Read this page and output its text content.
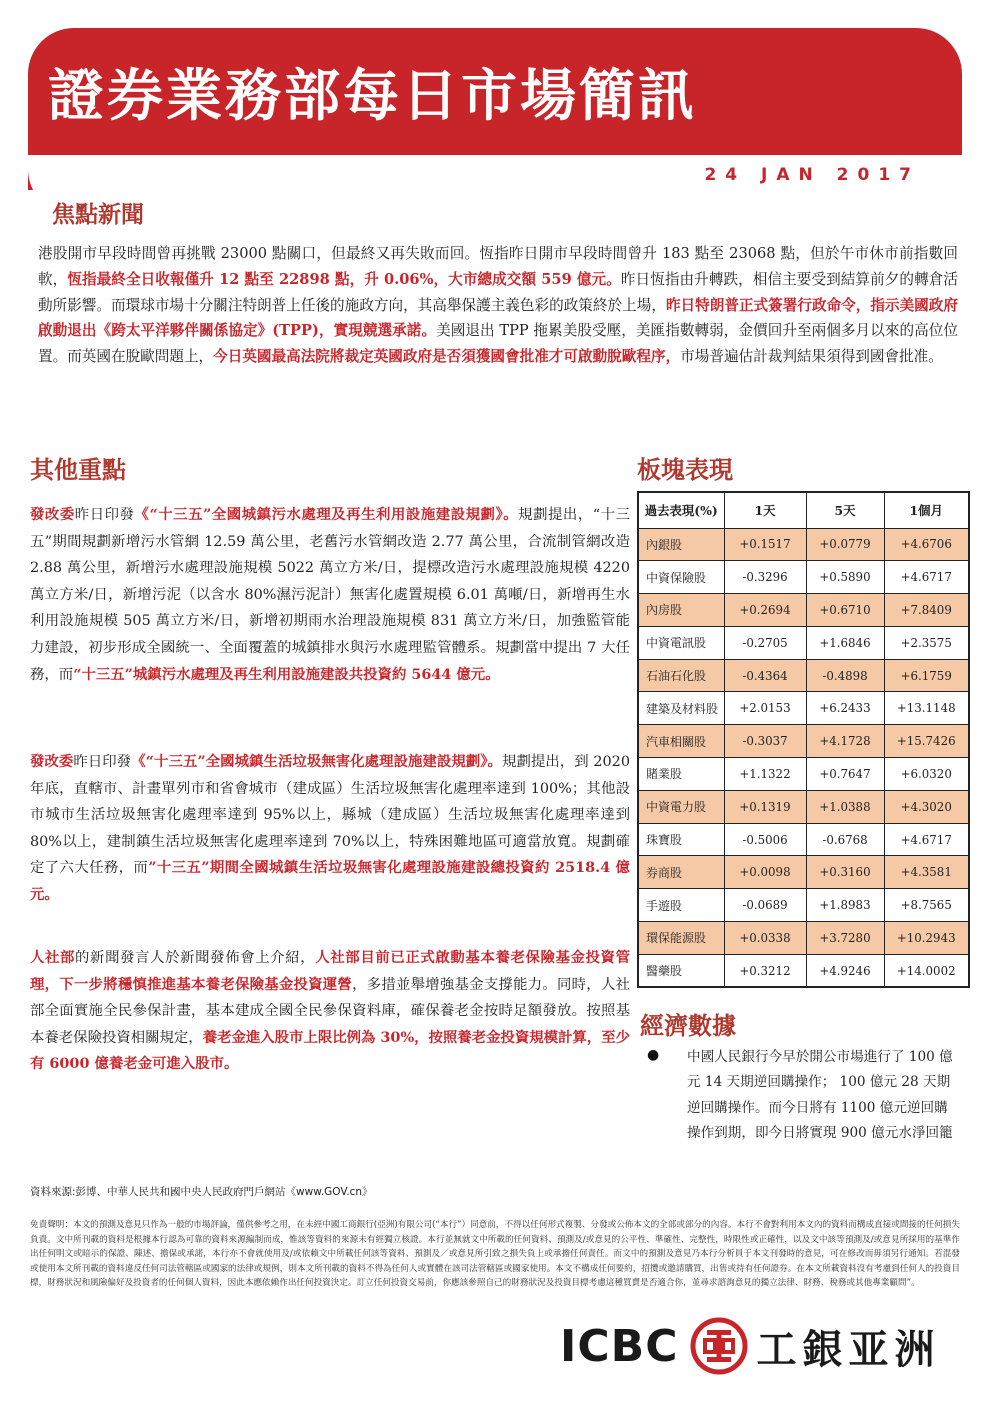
證券業務部每日市場簡訊
24 JAN 2017
焦點新聞
港股開市早段時間曾再挑戰 23000 點關口，但最終又再失敗而回。恆指昨日開市早段時間曾升 183 點至 23068 點，但於午市休市前指數回軟，恆指最終全日收報僅升 12 點至 22898 點，升 0.06%，大市總成交額 559 億元。昨日恆指由升轉跌，相信主要受到結算前夕的轉倉活動所影響。而環球市場十分關注特朗普上任後的施政方向，其高舉保護主義色彩的政策終於上場，昨日特朗普正式簽署行政命令，指示美國政府啟動退出《跨太平洋夥伴關係協定》(TPP)，實現競選承諾。美國退出 TPP 拖累美股受壓，美匯指數轉弱，金價回升至兩個多月以來的高位位置。而英國在脫歐問題上，今日英國最高法院將裁定英國政府是否須獲國會批准才可啟動脫歐程序，市場普遍估計裁判結果須得到國會批准。
其他重點
發改委昨日印發《“十三五”全國城鎮污水處理及再生利用設施建設規劃》。規劃提出，“十三五”期間規劃新增污水管網 12.59 萬公里，老舊污水管網改造 2.77 萬公里，合流制管網改造 2.88 萬公里，新增污水處理設施規模 5022 萬立方米/日，提標改造污水處理設施規模 4220 萬立方米/日，新增污泥（以含水 80%濕污泥計）無害化處置規模 6.01 萬噸/日，新增再生水利用設施規模 505 萬立方米/日，新增初期雨水治理設施規模 831 萬立方米/日，加強監管能力建設，初步形成全國統一、全面覆蓋的城鎮排水與污水處理監管體系。規劃當中提出 7 大任務，而“十三五”城鎮污水處理及再生利用設施建設共投資約 5644 億元。
發改委昨日印發《“十三五”全國城鎮生活垃圾無害化處理設施建設規劃》。規劃提出，到 2020 年底，直轄市、計畫單列市和省會城市（建成區）生活垃圾無害化處理率達到 100%；其他設市城市生活垃圾無害化處理率達到 95%以上，縣城（建成區）生活垃圾無害化處理率達到 80%以上，建制鎮生活垃圾無害化處理率達到 70%以上，特殊困難地區可適當放寬。規劃確定了六大任務，而”十三五”期間全國城鎮生活垃圾無害化處理設施建設總投資約 2518.4 億元。
人社部的新聞發言人於新聞發佈會上介紹，人社部目前已正式啟動基本養老保險基金投資管理，下一步將穩慎推進基本養老保險基金投資運營，多措並舉增強基金支撐能力。同時，人社部全面實施全民參保計畫，基本建成全國全民參保資料庫，確保養老金按時足額發放。按照基本養老保險投資相關規定，養老金進入股市上限比例為 30%，按照養老金投資規模計算，至少有 6000 億養老金可進入股市。
板塊表現
過去表現(%)	1天	5天	1個月
內銀股	+0.1517	+0.0779	+4.6706
中資保險股	-0.3296	+0.5890	+4.6717
內房股	+0.2694	+0.6710	+7.8409
中資電訊股	-0.2705	+1.6846	+2.3575
石油石化股	-0.4364	-0.4898	+6.1759
建築及材料股	+2.0153	+6.2433	+13.1148
汽車相關股	-0.3037	+4.1728	+15.7426
賭業股	+1.1322	+0.7647	+6.0320
中資電力股	+0.1319	+1.0388	+4.3020
珠寶股	-0.5006	-0.6768	+4.6717
券商股	+0.0098	+0.3160	+4.3581
手遊股	-0.0689	+1.8983	+8.7565
環保能源股	+0.0338	+3.7280	+10.2943
醫藥股	+0.3212	+4.9246	+14.0002
經濟數據
● 中國人民銀行今早於開公市場進行了 100 億元 14 天期逆回購操作； 100 億元 28 天期逆回購操作。而今日將有 1100 億元逆回購操作到期，即今日將實現 900 億元水淨回籠
資料來源:彭博、中華人民共和國中央人民政府門戶網站《www.GOV.cn》
免責聲明：本文的預測及意見只作為一般的市場評論，僅供參考之用，在未經中國工商銀行(亞洲)有限公司(“本行”）同意前，不得以任何形式複製、分發或公佈本文的全部或部分的內容。本行不會對利用本文內的資料而構成直接或間接的任何損失負責。文中所刊載的資料是根據本行認為可靠的資料來源編制而成，惟該等資料的來源未有經獨立核證。本行並無就文中所載的任何資料、預測及/或意見的公平性、準確性、完整性，時限性或正確性，以及文中該等預測及/或意見所採用的基準作出任何明文或暗示的保證、陳述、擔保或承諾，本行亦不會就使用及/或依賴文中所載任何該等資料、預測及／或意見所引致之損失負上或承擔任何責任。而文中的預測及意見乃本行分析員于本文刊發時的意見，可在修改而毋須另行通知。若混發或使用本文所刊載的資料違反任何司法管轄區或國家的法律或規例，則本文所刊載的資料不得為任何人或實體在該司法管轄區或國家使用。本文不構成任何要約，招攬或邀請購買，出售或持有任何證券。在本文所載資料沒有考慮到任何人的投資目標，財務狀況和風險偏好及投資者的任何個人資料，因此本應依賴作出任何投資決定。訂立任何投資交易前，你應該參照自己的財務狀況及投資目標考慮這種買賣是否適合你，並尋求諮詢意見的獨立法律、財務、稅務或其他專業顧問”。
ICBC 工銀亚洲
